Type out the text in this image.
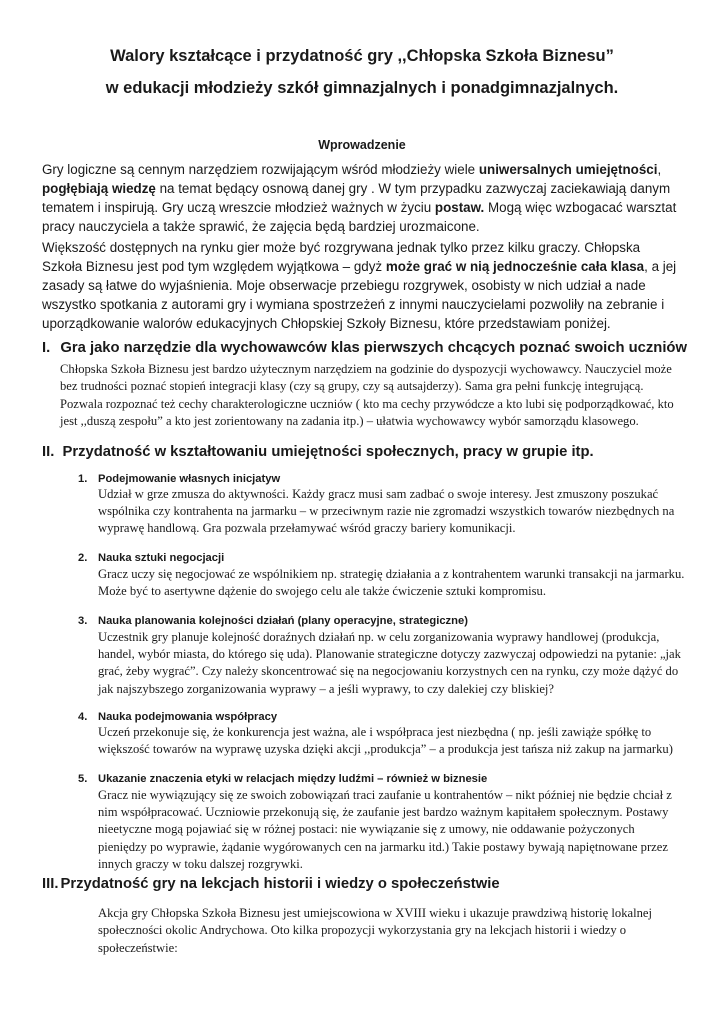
Walory kształcące i przydatność gry ,,Chłopska Szkoła Biznesu”
w edukacji młodzieży szkół gimnazjalnych i ponadgimnazjalnych.
Wprowadzenie
Gry logiczne są cennym narzędziem rozwijającym wśród młodzieży wiele uniwersalnych umiejętności, pogłębiają wiedzę na temat będący osnową danej gry . W tym przypadku zazwyczaj zaciekawiają danym tematem i inspirują. Gry uczą wreszcie młodzież ważnych w życiu postaw. Mogą więc wzbogacać warsztat pracy nauczyciela a także sprawić, że zajęcia będą bardziej urozmaicone.
Większość dostępnych na rynku gier może być rozgrywana jednak tylko przez kilku graczy. Chłopska Szkoła Biznesu jest pod tym względem wyjątkowa – gdyż może grać w nią jednocześnie cała klasa, a jej zasady są łatwe do wyjaśnienia. Moje obserwacje przebiegu rozgrywek, osobisty w nich udział a nade wszystko spotkania z autorami gry i wymiana spostrzeżeń z innymi nauczycielami pozwoliły na zebranie i uporządkowanie walorów edukacyjnych Chłopskiej Szkoły Biznesu, które przedstawiam poniżej.
I. Gra jako narzędzie dla wychowawców klas pierwszych chcących poznać swoich uczniów
Chłopska Szkoła Biznesu jest bardzo użytecznym narzędziem na godzinie do dyspozycji wychowawcy. Nauczyciel może bez trudności poznać stopień integracji klasy (czy są grupy, czy są autsajderzy). Sama gra pełni funkcję integrującą. Pozwala rozpoznać też cechy charakterologiczne uczniów ( kto ma cechy przywódcze a kto lubi się podporządkować, kto jest ,,duszą zespołu” a kto jest zorientowany na zadania itp.) – ułatwia wychowawcy wybór samorządu klasowego.
II. Przydatność w kształtowaniu umiejętności społecznych, pracy w grupie itp.
1. Podejmowanie własnych inicjatyw
Udział w grze zmusza do aktywności. Każdy gracz musi sam zadbać o swoje interesy. Jest zmuszony poszukać wspólnika czy kontrahenta na jarmarku – w przeciwnym razie nie zgromadzi wszystkich towarów niezbędnych na wyprawę handlową. Gra pozwala przełamywać wśród graczy bariery komunikacji.
2. Nauka sztuki negocjacji
Gracz uczy się negocjować ze wspólnikiem np. strategię działania a z kontrahentem warunki transakcji na jarmarku. Może być to asertywne dążenie do swojego celu ale także ćwiczenie sztuki kompromisu.
3. Nauka planowania kolejności działań (plany operacyjne, strategiczne)
Uczestnik gry planuje kolejność doraźnych działań np. w celu zorganizowania wyprawy handlowej (produkcja, handel, wybór miasta, do którego się uda). Planowanie strategiczne dotyczy zazwyczaj odpowiedzi na pytanie: „jak grać, żeby wygrać”. Czy należy skoncentrować się na negocjowaniu korzystnych cen na rynku, czy może dążyć do jak najszybszego zorganizowania wyprawy – a jeśli wyprawy, to czy dalekiej czy bliskiej?
4. Nauka podejmowania współpracy
Uczeń przekonuje się, że konkurencja jest ważna, ale i współpraca jest niezbędna ( np. jeśli zawiąże spółkę to większość towarów na wyprawę uzyska dzięki akcji ,,produkcja” – a produkcja jest tańsza niż zakup na jarmarku)
5. Ukazanie znaczenia etyki w relacjach między ludźmi – również w biznesie
Gracz nie wywiązujący się ze swoich zobowiązań traci zaufanie u kontrahentów – nikt później nie będzie chciał z nim współpracować. Uczniowie przekonują się, że zaufanie jest bardzo ważnym kapitałem społecznym. Postawy nieetyczne mogą pojawiać się w różnej postaci: nie wywiązanie się z umowy, nie oddawanie pożyczonych pieniędzy po wyprawie, żądanie wygórowanych cen na jarmarku itd.) Takie postawy bywają napiętnowane przez innych graczy w toku dalszej rozgrywki.
III. Przydatność gry na lekcjach historii i wiedzy o społeczeństwie
Akcja gry Chłopska Szkoła Biznesu jest umiejscowiona w XVIII wieku i ukazuje prawdziwą historię lokalnej społeczności okolic Andrychowa. Oto kilka propozycji wykorzystania gry na lekcjach historii i wiedzy o społeczeństwie:
